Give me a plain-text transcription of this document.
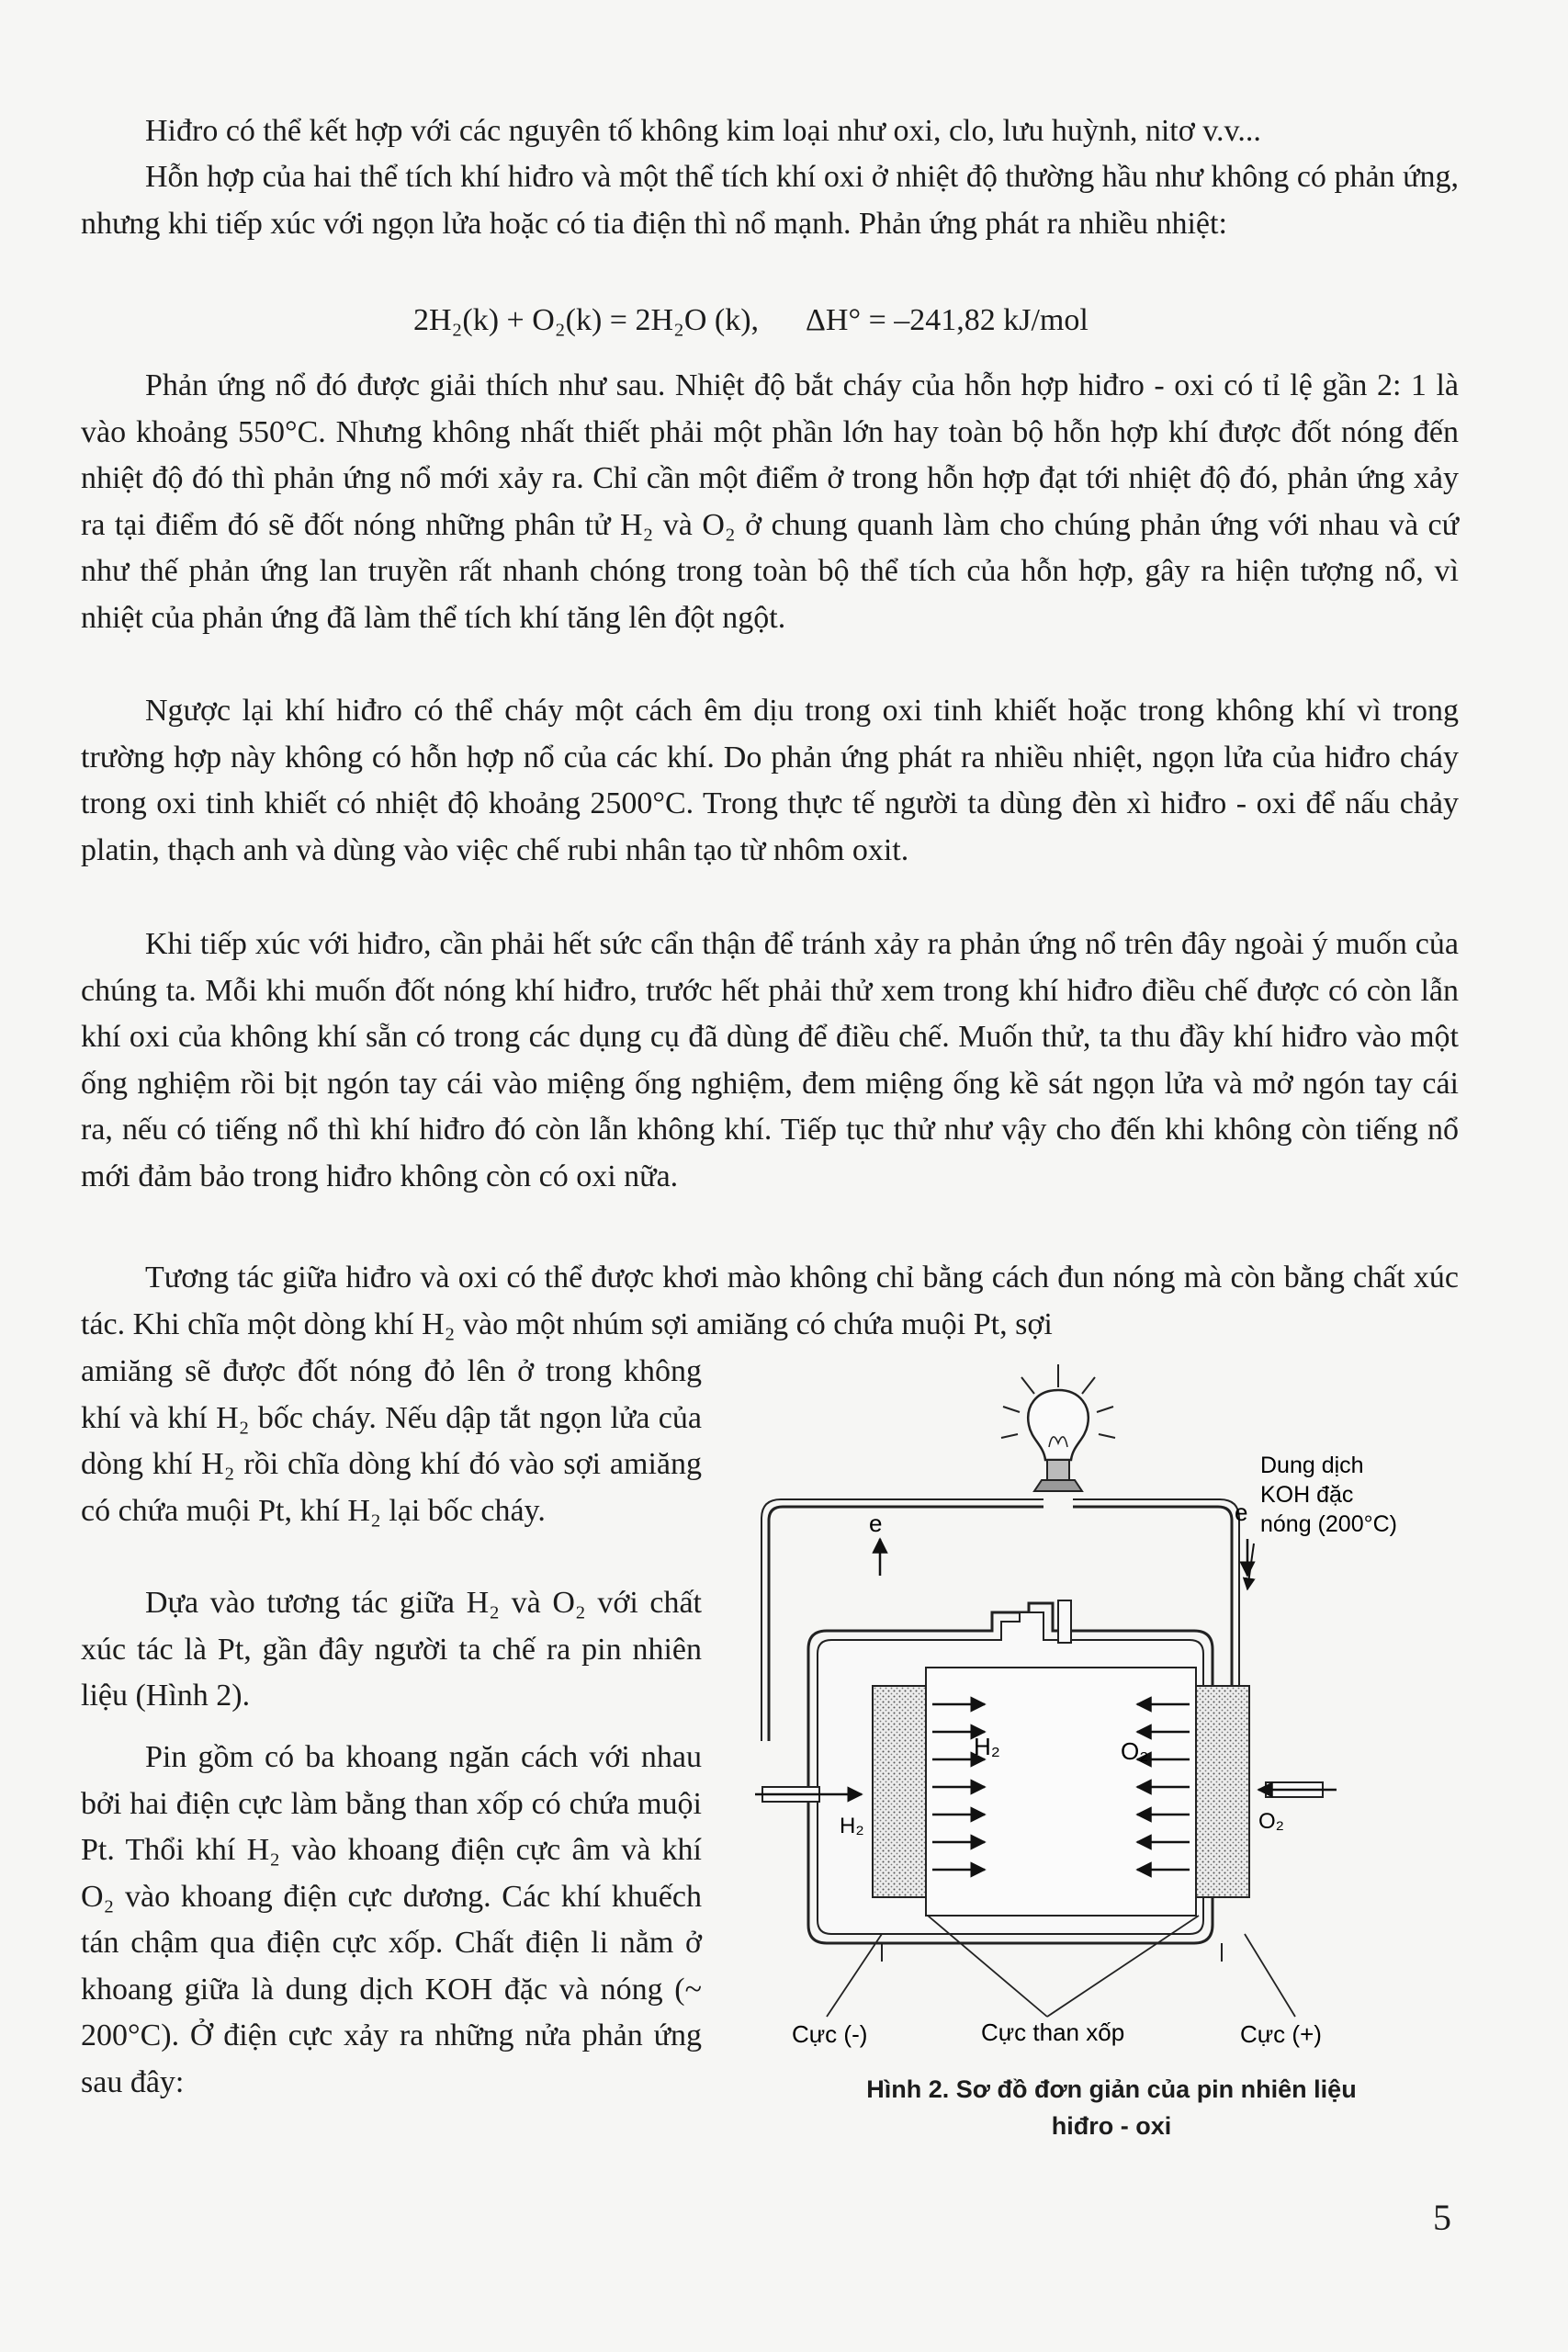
Hiđro có thể kết hợp với các nguyên tố không kim loại như oxi, clo, lưu huỳnh, nitơ v.v...

Hỗn hợp của hai thể tích khí hiđro và một thể tích khí oxi ở nhiệt độ thường hầu như không có phản ứng, nhưng khi tiếp xúc với ngọn lửa hoặc có tia điện thì nổ mạnh. Phản ứng phát ra nhiều nhiệt:

2H₂(k) + O₂(k) = 2H₂O (k),      ΔH° = –241,82 kJ/mol

Phản ứng nổ đó được giải thích như sau. Nhiệt độ bắt cháy của hỗn hợp hiđro - oxi có tỉ lệ gần 2: 1 là vào khoảng 550°C. Nhưng không nhất thiết phải một phần lớn hay toàn bộ hỗn hợp khí được đốt nóng đến nhiệt độ đó thì phản ứng nổ mới xảy ra. Chỉ cần một điểm ở trong hỗn hợp đạt tới nhiệt độ đó, phản ứng xảy ra tại điểm đó sẽ đốt nóng những phân tử H₂ và O₂ ở chung quanh làm cho chúng phản ứng với nhau và cứ như thế phản ứng lan truyền rất nhanh chóng trong toàn bộ thể tích của hỗn hợp, gây ra hiện tượng nổ, vì nhiệt của phản ứng đã làm thể tích khí tăng lên đột ngột.

Ngược lại khí hiđro có thể cháy một cách êm dịu trong oxi tinh khiết hoặc trong không khí vì trong trường hợp này không có hỗn hợp nổ của các khí. Do phản ứng phát ra nhiều nhiệt, ngọn lửa của hiđro cháy trong oxi tinh khiết có nhiệt độ khoảng 2500°C. Trong thực tế người ta dùng đèn xì hiđro - oxi để nấu chảy platin, thạch anh và dùng vào việc chế rubi nhân tạo từ nhôm oxit.

Khi tiếp xúc với hiđro, cần phải hết sức cẩn thận để tránh xảy ra phản ứng nổ trên đây ngoài ý muốn của chúng ta. Mỗi khi muốn đốt nóng khí hiđro, trước hết phải thử xem trong khí hiđro điều chế được có còn lẫn khí oxi của không khí sẵn có trong các dụng cụ đã dùng để điều chế. Muốn thử, ta thu đầy khí hiđro vào một ống nghiệm rồi bịt ngón tay cái vào miệng ống nghiệm, đem miệng ống kề sát ngọn lửa và mở ngón tay cái ra, nếu có tiếng nổ thì khí hiđro đó còn lẫn không khí. Tiếp tục thử như vậy cho đến khi không còn tiếng nổ mới đảm bảo trong hiđro không còn có oxi nữa.

Tương tác giữa hiđro và oxi có thể được khơi mào không chỉ bằng cách đun nóng mà còn bằng chất xúc tác. Khi chĩa một dòng khí H₂ vào một nhúm sợi amiăng có chứa muội Pt, sợi

amiăng sẽ được đốt nóng đỏ lên ở trong không khí và khí H₂ bốc cháy. Nếu dập tắt ngọn lửa của dòng khí H₂ rồi chĩa dòng khí đó vào sợi amiăng có chứa muội Pt, khí H₂ lại bốc cháy.

Dựa vào tương tác giữa H₂ và O₂ với chất xúc tác là Pt, gần đây người ta chế ra pin nhiên liệu (Hình 2).

Pin gồm có ba khoang ngăn cách với nhau bởi hai điện cực làm bằng than xốp có chứa muội Pt. Thổi khí H₂ vào khoang điện cực âm và khí O₂ vào khoang điện cực dương. Các khí khuếch tán chậm qua điện cực xốp. Chất điện li nằm ở khoang giữa là dung dịch KOH đặc và nóng (~ 200°C). Ở điện cực xảy ra những nửa phản ứng sau đây:

e	e
Dung dịch
KOH đặc
nóng (200°C)
H₂	O₂
H₂	O₂
Cực (-)	Cực than xốp	Cực (+)
Hình 2. Sơ đồ đơn giản của pin nhiên liệu
hiđro - oxi
5
